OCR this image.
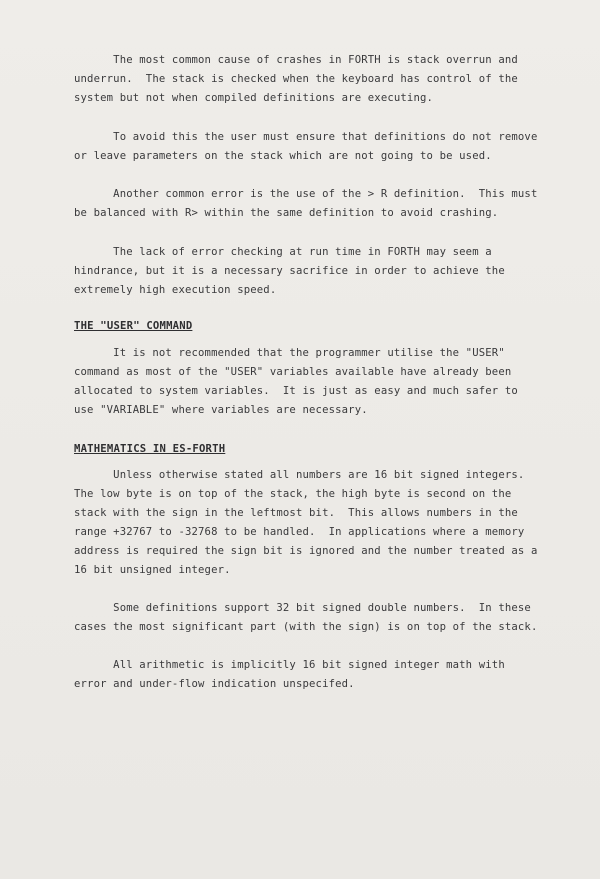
The most common cause of crashes in FORTH is stack overrun and
underrun.  The stack is checked when the keyboard has control of the
system but not when compiled definitions are executing.
To avoid this the user must ensure that definitions do not remove
or leave parameters on the stack which are not going to be used.
Another common error is the use of the > R definition.  This must
be balanced with R> within the same definition to avoid crashing.
The lack of error checking at run time in FORTH may seem a
hindrance, but it is a necessary sacrifice in order to achieve the
extremely high execution speed.
THE "USER" COMMAND
It is not recommended that the programmer utilise the "USER"
command as most of the "USER" variables available have already been
allocated to system variables.  It is just as easy and much safer to
use "VARIABLE" where variables are necessary.
MATHEMATICS IN ES-FORTH
Unless otherwise stated all numbers are 16 bit signed integers.
The low byte is on top of the stack, the high byte is second on the
stack with the sign in the leftmost bit.  This allows numbers in the
range +32767 to -32768 to be handled.  In applications where a memory
address is required the sign bit is ignored and the number treated as a
16 bit unsigned integer.
Some definitions support 32 bit signed double numbers.  In these
cases the most significant part (with the sign) is on top of the stack.
All arithmetic is implicitly 16 bit signed integer math with
error and under-flow indication unspecifed.
